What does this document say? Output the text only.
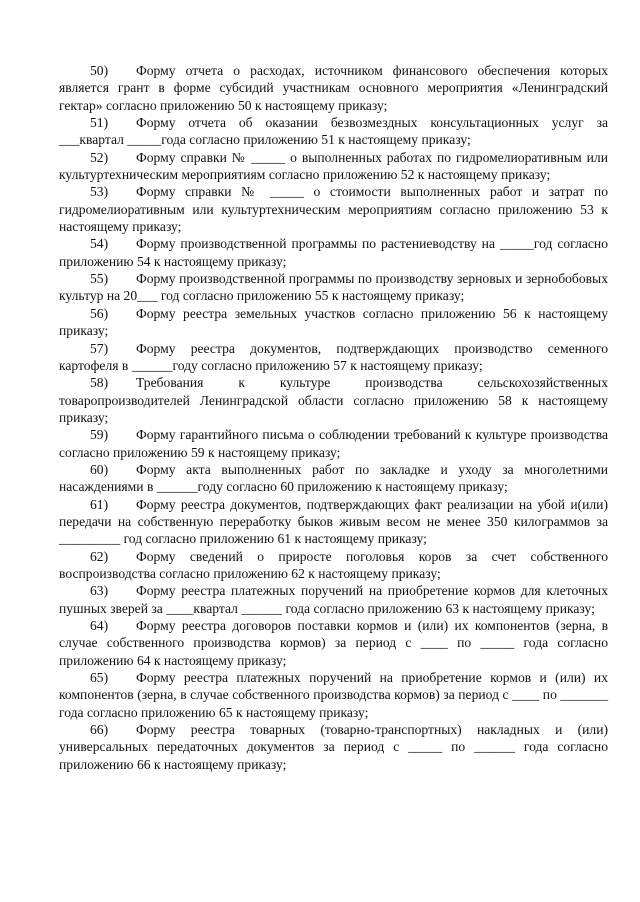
50) Форму отчета о расходах, источником финансового обеспечения которых является грант в форме субсидий участникам основного мероприятия «Ленинградский гектар» согласно приложению 50 к настоящему приказу;

51) Форму отчета об оказании безвозмездных консультационных услуг за ___квартал _____года согласно приложению 51 к настоящему приказу;

52) Форму справки № _____ о выполненных работах по гидромелиоративным или культуртехническим мероприятиям согласно приложению 52 к настоящему приказу;

53) Форму справки № _____ о стоимости выполненных работ и затрат по гидромелиоративным или культуртехническим мероприятиям согласно приложению 53 к настоящему приказу;

54) Форму производственной программы по растениеводству на _____год согласно приложению 54 к настоящему приказу;

55) Форму производственной программы по производству зерновых и зернобобовых культур на 20___ год согласно приложению 55 к настоящему приказу;

56) Форму реестра земельных участков согласно приложению 56 к настоящему приказу;

57) Форму реестра документов, подтверждающих производство семенного картофеля в ______году согласно приложению 57 к настоящему приказу;

58) Требования к культуре производства сельскохозяйственных товаропроизводителей Ленинградской области согласно приложению 58 к настоящему приказу;

59) Форму гарантийного письма о соблюдении требований к культуре производства согласно приложению 59 к настоящему приказу;

60) Форму акта выполненных работ по закладке и уходу за многолетними насаждениями в ______году согласно 60 приложению к настоящему приказу;

61) Форму реестра документов, подтверждающих факт реализации на убой и(или) передачи на собственную переработку быков живым весом не менее 350 килограммов за _________ год согласно приложению 61 к настоящему приказу;

62) Форму сведений о приросте поголовья коров за счет собственного воспроизводства согласно приложению 62 к настоящему приказу;

63) Форму реестра платежных поручений на приобретение кормов для клеточных пушных зверей за ____квартал ______ года согласно приложению 63 к настоящему приказу;

64) Форму реестра договоров поставки кормов и (или) их компонентов (зерна, в случае собственного производства кормов) за период с ____ по _____ года согласно приложению 64 к настоящему приказу;

65) Форму реестра платежных поручений на приобретение кормов и (или) их компонентов (зерна, в случае собственного производства кормов) за период с ____ по _______ года согласно приложению 65 к настоящему приказу;

66) Форму реестра товарных (товарно-транспортных) накладных и (или) универсальных передаточных документов за период с _____ по ______ года согласно приложению 66 к настоящему приказу;
